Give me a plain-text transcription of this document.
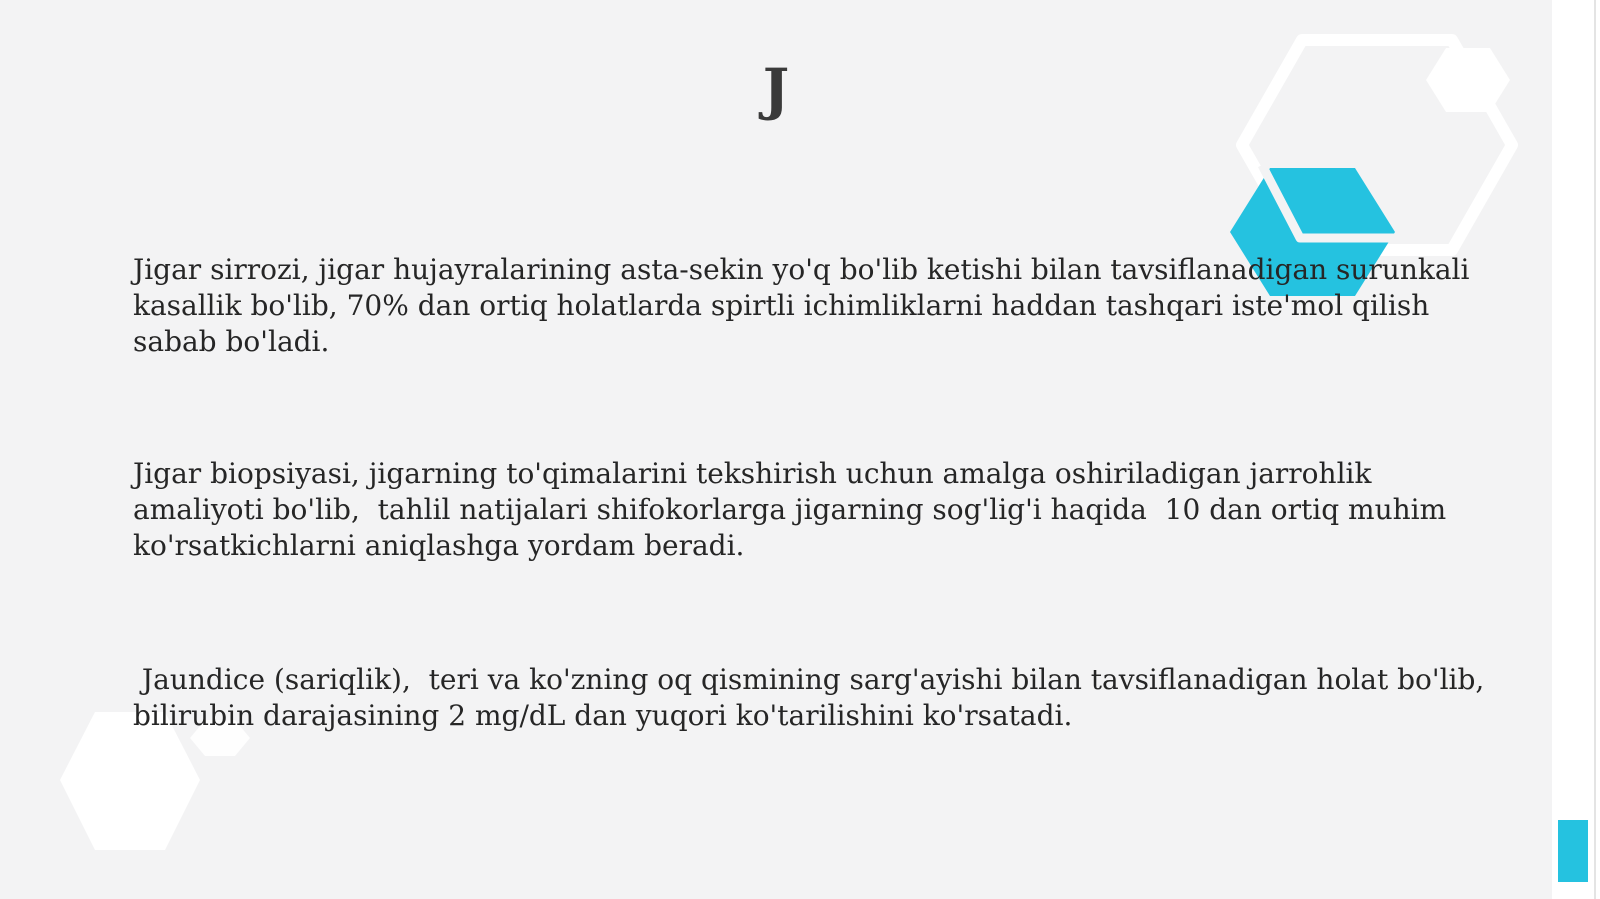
J

Jigar sirrozi, jigar hujayralarining asta-sekin yo'q bo'lib ketishi bilan tavsiflanadigan surunkali kasallik bo'lib, 70% dan ortiq holatlarda spirtli ichimliklarni haddan tashqari iste'mol qilish sabab bo'ladi.

Jigar biopsiyasi, jigarning to'qimalarini tekshirish uchun amalga oshiriladigan jarrohlik amaliyoti bo'lib,  tahlil natijalari shifokorlarga jigarning sog'lig'i haqida  10 dan ortiq muhim ko'rsatkichlarni aniqlashga yordam beradi.

Jaundice (sariqlik),  teri va ko'zning oq qismining sarg'ayishi bilan tavsiflanadigan holat bo'lib, bilirubin darajasining 2 mg/dL dan yuqori ko'tarilishini ko'rsatadi.
